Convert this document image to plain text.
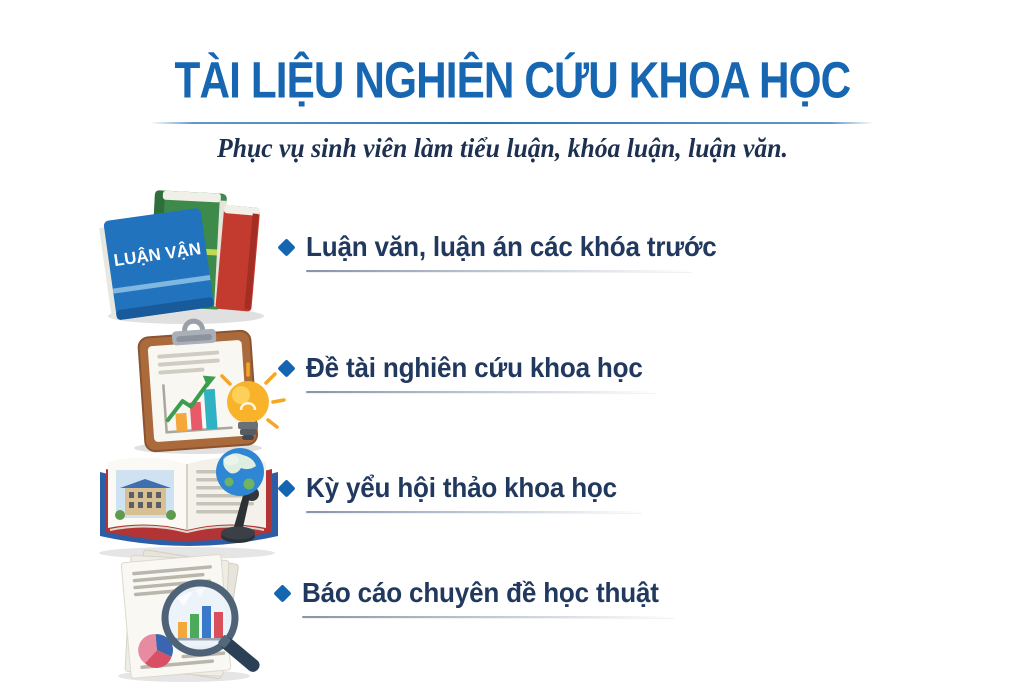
TÀI LIỆU NGHIÊN CỨU KHOA HỌC
Phục vụ sinh viên làm tiểu luận, khóa luận, luận văn.
LUẬN VẬN	Luận văn, luận án các khóa trước
Đề tài nghiên cứu khoa học
Kỳ yểu hội thảo khoa học
Báo cáo chuyên đề học thuật
